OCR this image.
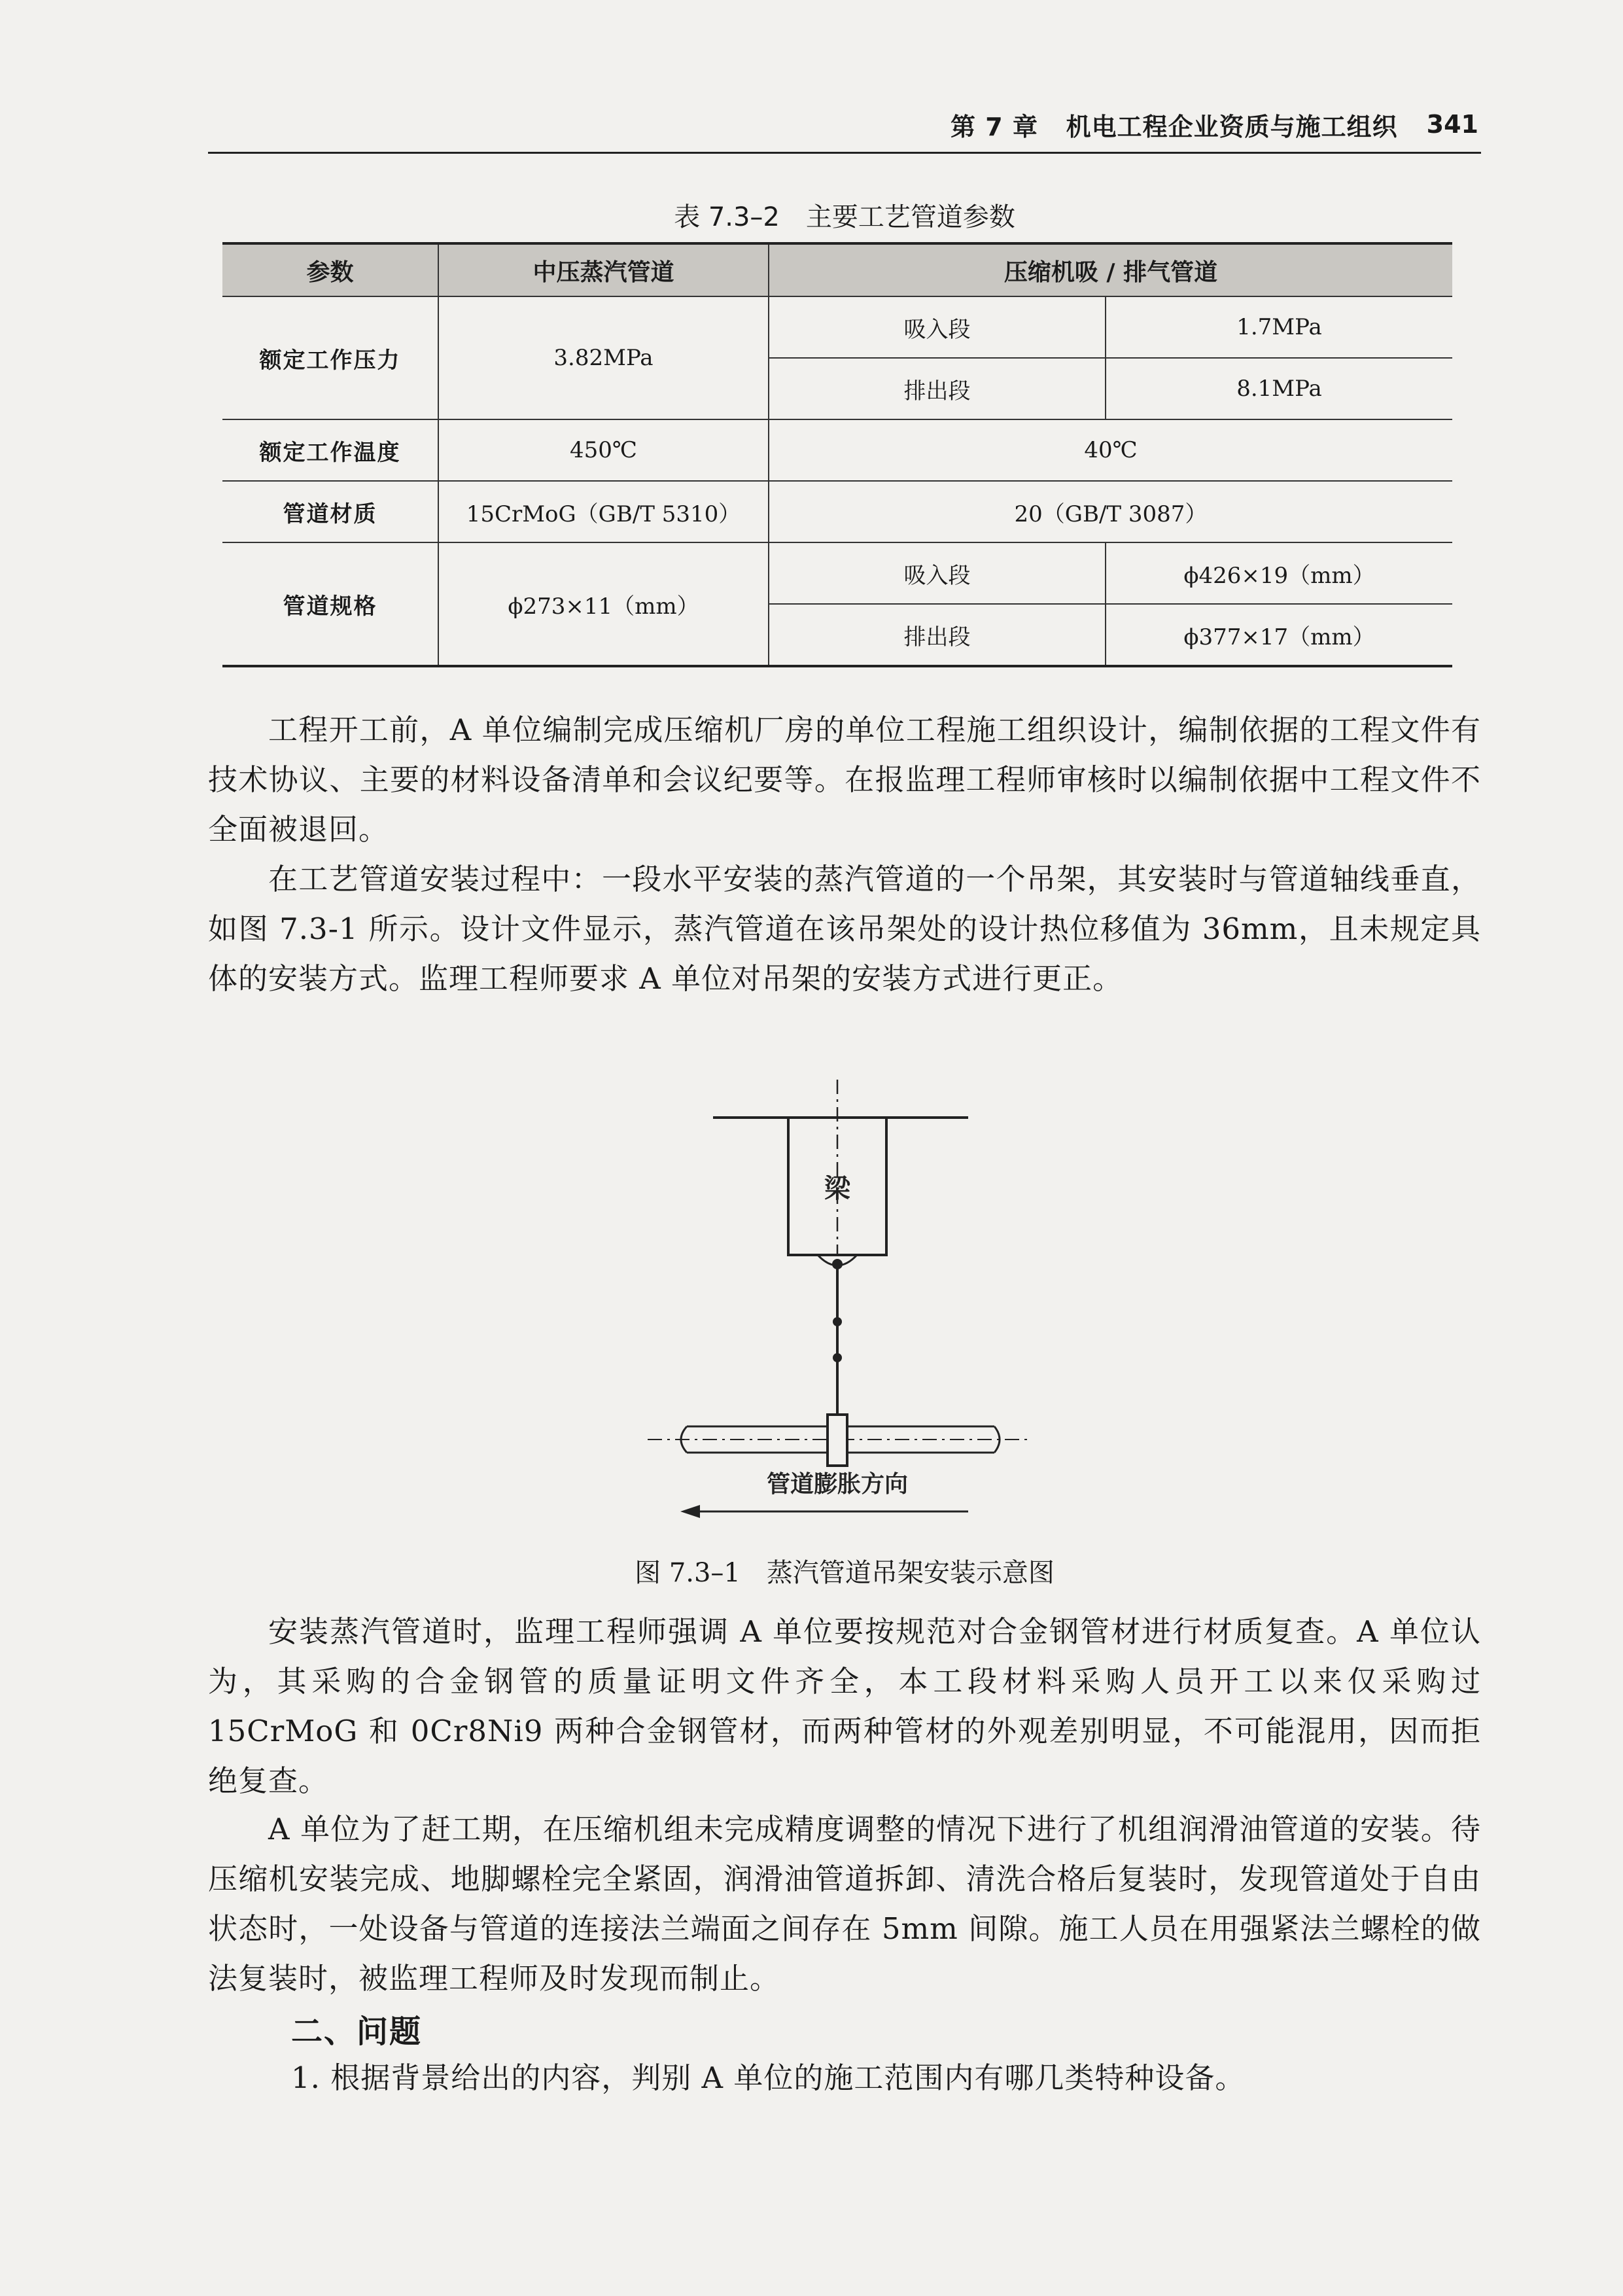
第 7 章 机电工程企业资质与施工组织 341
表 7.3–2 主要工艺管道参数
参数	中压蒸汽管道	压缩机吸 / 排气管道	
额定工作压力	3.82MPa	吸入段	1.7MPa
		排出段	8.1MPa
额定工作温度	450℃	40℃	
管道材质	15CrMoG（GB/T 5310）	20（GB/T 3087）	
管道规格	ϕ273×11（mm）	吸入段	ϕ426×19（mm）
		排出段	ϕ377×17（mm）
工程开工前，A 单位编制完成压缩机厂房的单位工程施工组织设计，编制依据的工程文件有技术协议、主要的材料设备清单和会议纪要等。在报监理工程师审核时以编制依据中工程文件不全面被退回。
在工艺管道安装过程中：一段水平安装的蒸汽管道的一个吊架，其安装时与管道轴线垂直，如图 7.3-1 所示。设计文件显示，蒸汽管道在该吊架处的设计热位移值为 36mm，且未规定具体的安装方式。监理工程师要求 A 单位对吊架的安装方式进行更正。
梁
管道膨胀方向
图 7.3–1 蒸汽管道吊架安装示意图
安装蒸汽管道时，监理工程师强调 A 单位要按规范对合金钢管材进行材质复查。A 单位认为，其采购的合金钢管的质量证明文件齐全，本工段材料采购人员开工以来仅采购过 15CrMoG 和 0Cr8Ni9 两种合金钢管材，而两种管材的外观差别明显，不可能混用，因而拒绝复查。
A 单位为了赶工期，在压缩机组未完成精度调整的情况下进行了机组润滑油管道的安装。待压缩机安装完成、地脚螺栓完全紧固，润滑油管道拆卸、清洗合格后复装时，发现管道处于自由状态时，一处设备与管道的连接法兰端面之间存在 5mm 间隙。施工人员在用强紧法兰螺栓的做法复装时，被监理工程师及时发现而制止。
二、问题
1. 根据背景给出的内容，判别 A 单位的施工范围内有哪几类特种设备。
